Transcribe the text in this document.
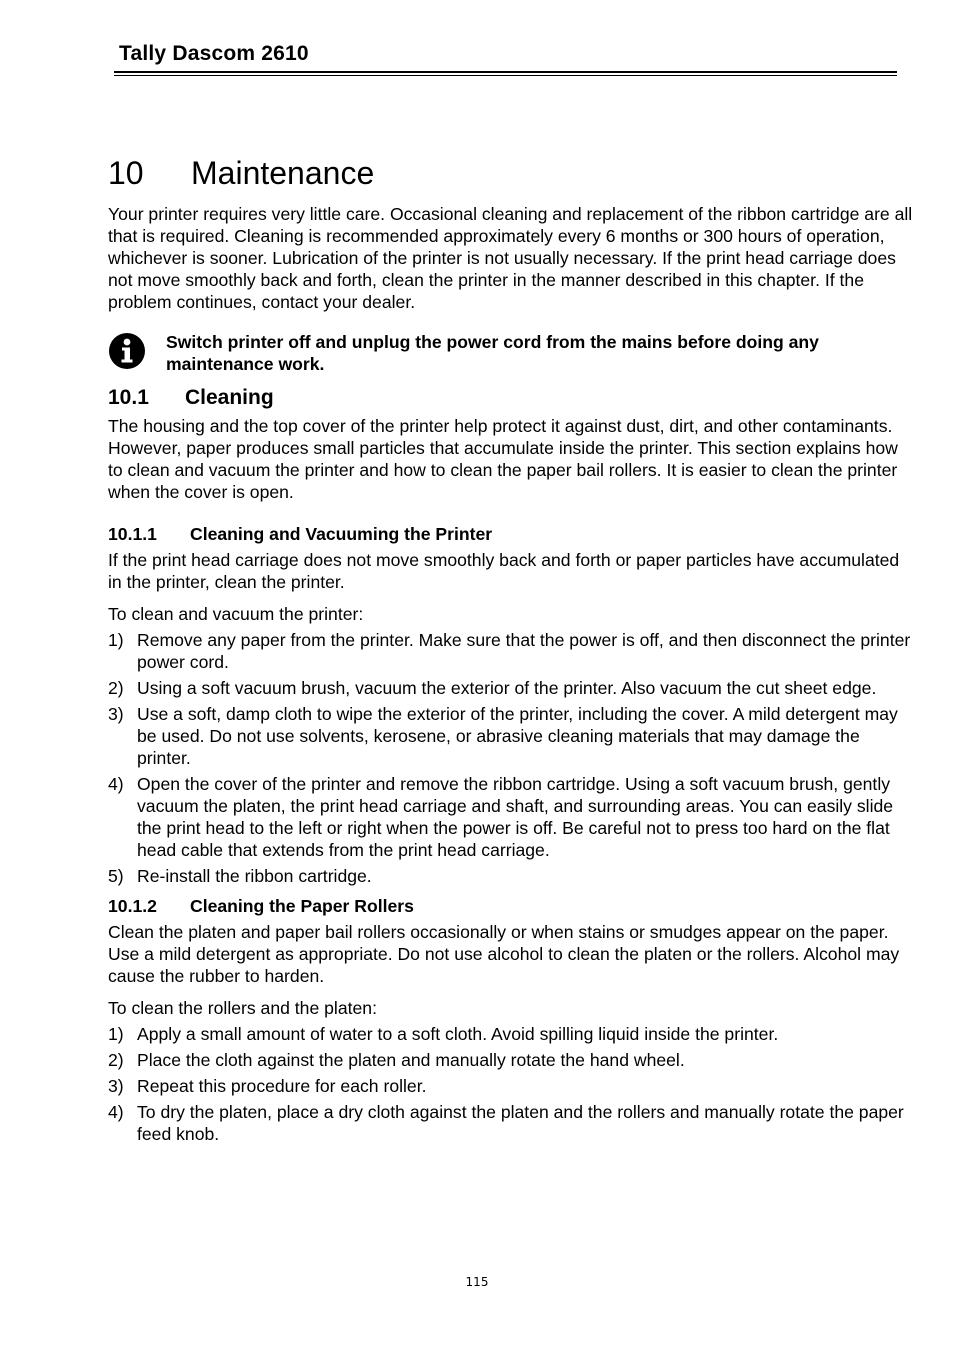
Tally Dascom 2610
10	Maintenance

Your printer requires very little care. Occasional cleaning and replacement of the ribbon cartridge are all that is required. Cleaning is recommended approximately every 6 months or 300 hours of operation, whichever is sooner. Lubrication of the printer is not usually necessary. If the print head carriage does not move smoothly back and forth, clean the printer in the manner described in this chapter. If the problem continues, contact your dealer.

Switch printer off and unplug the power cord from the mains before doing any maintenance work.
10.1	Cleaning

The housing and the top cover of the printer help protect it against dust, dirt, and other contaminants. However, paper produces small particles that accumulate inside the printer. This section explains how to clean and vacuum the printer and how to clean the paper bail rollers. It is easier to clean the printer when the cover is open.

10.1.1	Cleaning and Vacuuming the Printer

If the print head carriage does not move smoothly back and forth or paper particles have accumulated in the printer, clean the printer.

To clean and vacuum the printer:

1) Remove any paper from the printer. Make sure that the power is off, and then disconnect the printer power cord.
2) Using a soft vacuum brush, vacuum the exterior of the printer. Also vacuum the cut sheet edge.
3) Use a soft, damp cloth to wipe the exterior of the printer, including the cover. A mild detergent may be used. Do not use solvents, kerosene, or abrasive cleaning materials that may damage the printer.
4) Open the cover of the printer and remove the ribbon cartridge. Using a soft vacuum brush, gently vacuum the platen, the print head carriage and shaft, and surrounding areas. You can easily slide the print head to the left or right when the power is off. Be careful not to press too hard on the flat head cable that extends from the print head carriage.
5) Re-install the ribbon cartridge.
10.1.2	Cleaning the Paper Rollers

Clean the platen and paper bail rollers occasionally or when stains or smudges appear on the paper. Use a mild detergent as appropriate. Do not use alcohol to clean the platen or the rollers. Alcohol may cause the rubber to harden.

To clean the rollers and the platen:

1) Apply a small amount of water to a soft cloth. Avoid spilling liquid inside the printer.
2) Place the cloth against the platen and manually rotate the hand wheel.
3) Repeat this procedure for each roller.
4) To dry the platen, place a dry cloth against the platen and the rollers and manually rotate the paper feed knob.
115
